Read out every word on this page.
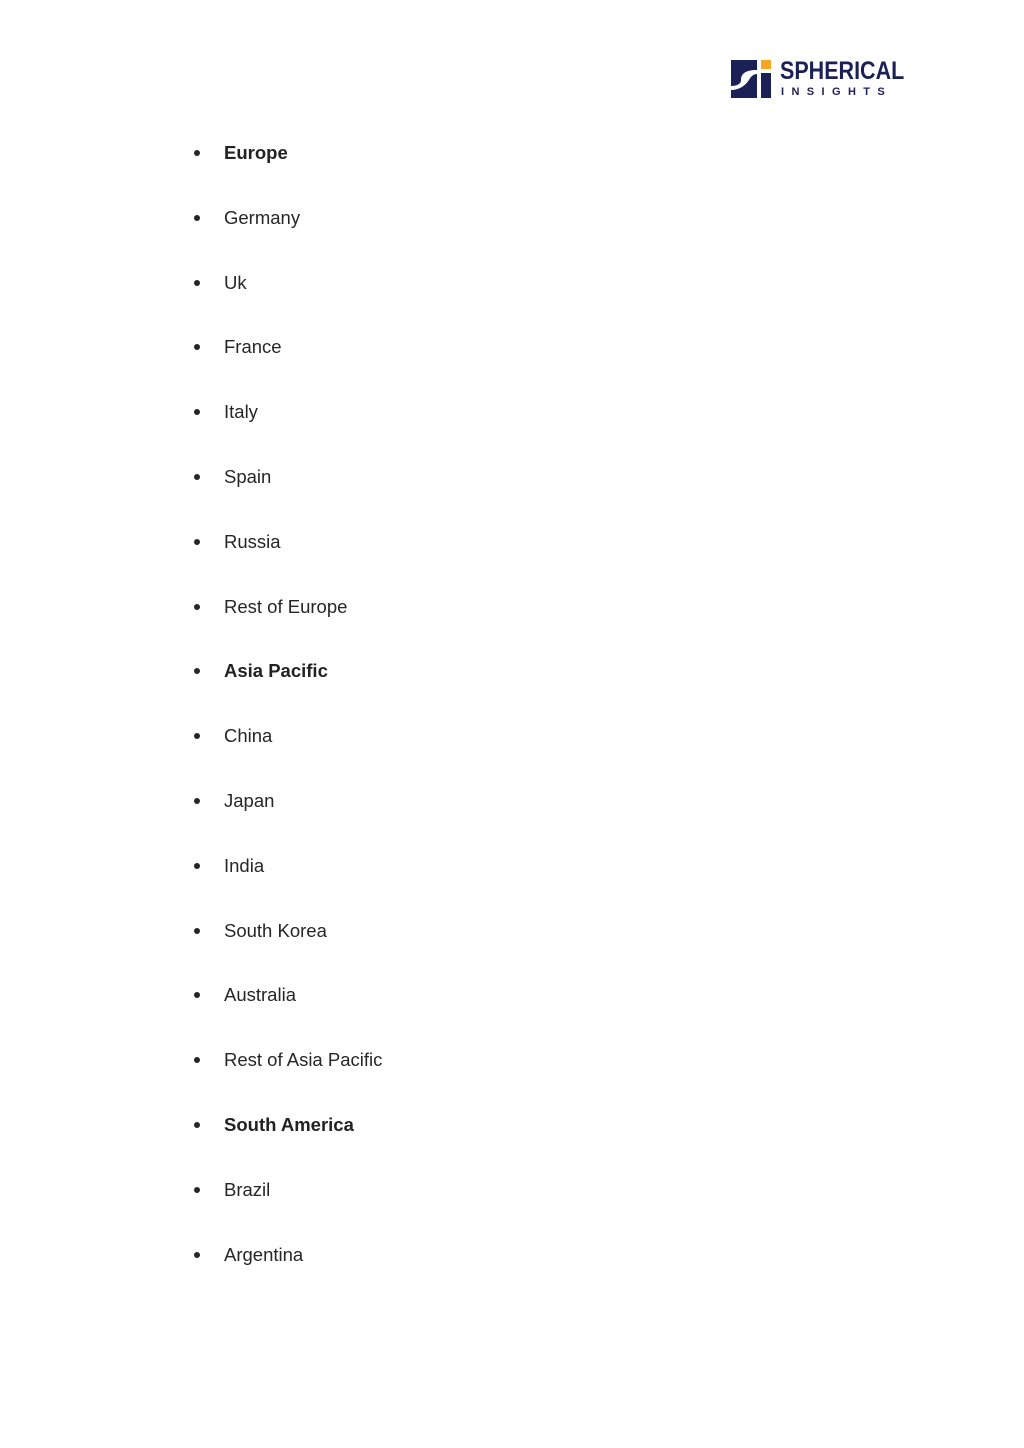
SPHERICAL
INSIGHTS
Europe
Germany
Uk
France
Italy
Spain
Russia
Rest of Europe
Asia Pacific
China
Japan
India
South Korea
Australia
Rest of Asia Pacific
South America
Brazil
Argentina
